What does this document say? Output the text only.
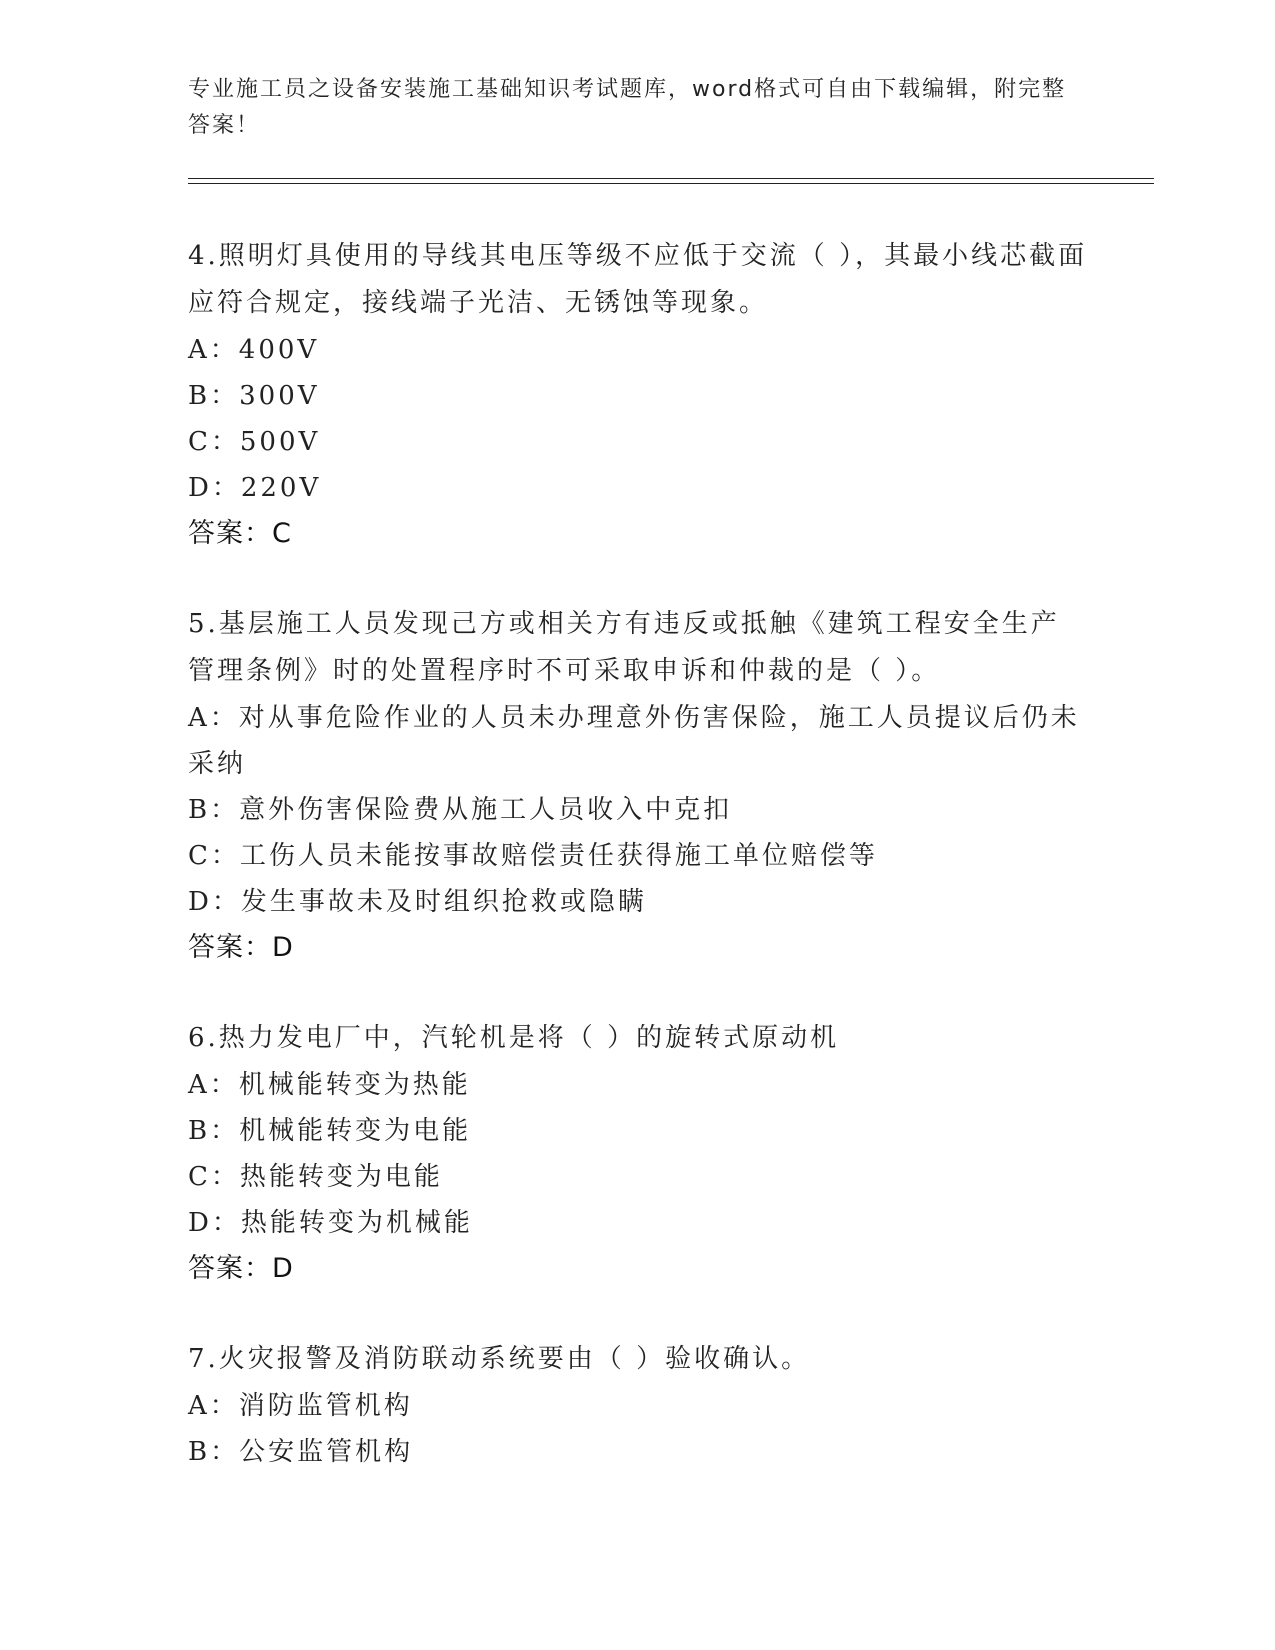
专业施工员之设备安装施工基础知识考试题库，word格式可自由下载编辑，附完整答案！

4.照明灯具使用的导线其电压等级不应低于交流（ ），其最小线芯截面应符合规定，接线端子光洁、无锈蚀等现象。

A：400V

B：300V

C：500V

D：220V

答案：C

5.基层施工人员发现己方或相关方有违反或抵触《建筑工程安全生产管理条例》时的处置程序时不可采取申诉和仲裁的是（ ）。

A：对从事危险作业的人员未办理意外伤害保险，施工人员提议后仍未采纳

B：意外伤害保险费从施工人员收入中克扣

C：工伤人员未能按事故赔偿责任获得施工单位赔偿等

D：发生事故未及时组织抢救或隐瞒

答案：D

6.热力发电厂中，汽轮机是将（ ）的旋转式原动机

A：机械能转变为热能

B：机械能转变为电能

C：热能转变为电能

D：热能转变为机械能

答案：D

7.火灾报警及消防联动系统要由（ ）验收确认。

A：消防监管机构

B：公安监管机构
